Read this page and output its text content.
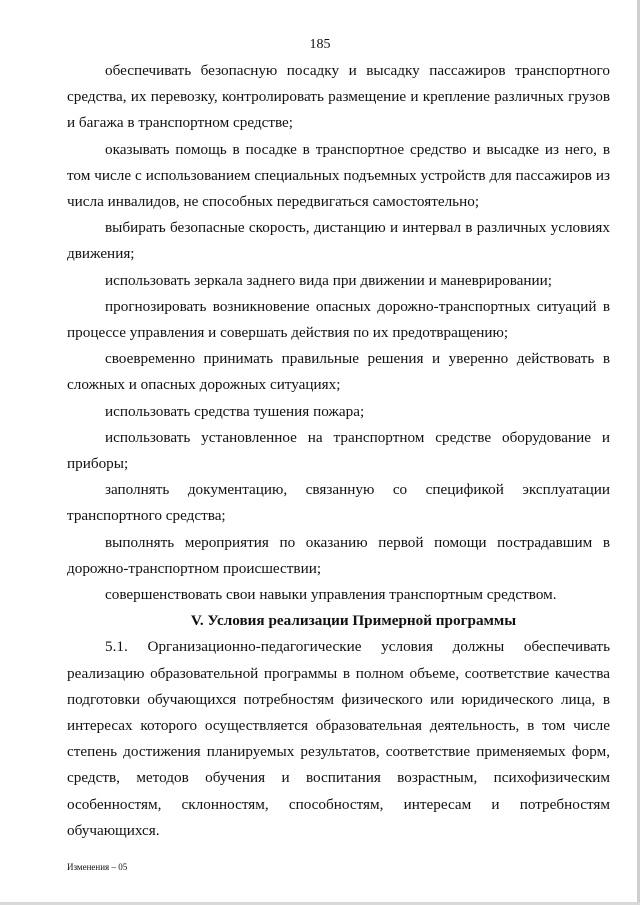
185

обеспечивать безопасную посадку и высадку пассажиров транспортного средства, их перевозку, контролировать размещение и крепление различных грузов и багажа в транспортном средстве;

оказывать помощь в посадке в транспортное средство и высадке из него, в том числе с использованием специальных подъемных устройств для пассажиров из числа инвалидов, не способных передвигаться самостоятельно;

выбирать безопасные скорость, дистанцию и интервал в различных условиях движения;

использовать зеркала заднего вида при движении и маневрировании;

прогнозировать возникновение опасных дорожно-транспортных ситуаций в процессе управления и совершать действия по их предотвращению;

своевременно принимать правильные решения и уверенно действовать в сложных и опасных дорожных ситуациях;

использовать средства тушения пожара;

использовать установленное на транспортном средстве оборудование и приборы;

заполнять документацию, связанную со спецификой эксплуатации транспортного средства;

выполнять мероприятия по оказанию первой помощи пострадавшим в дорожно-транспортном происшествии;

совершенствовать свои навыки управления транспортным средством.

V. Условия реализации Примерной программы

5.1. Организационно-педагогические условия должны обеспечивать реализацию образовательной программы в полном объеме, соответствие качества подготовки обучающихся потребностям физического или юридического лица, в интересах которого осуществляется образовательная деятельность, в том числе степень достижения планируемых результатов, соответствие применяемых форм, средств, методов обучения и воспитания возрастным, психофизическим особенностям, склонностям, способностям, интересам и потребностям обучающихся.

Изменения – 05
